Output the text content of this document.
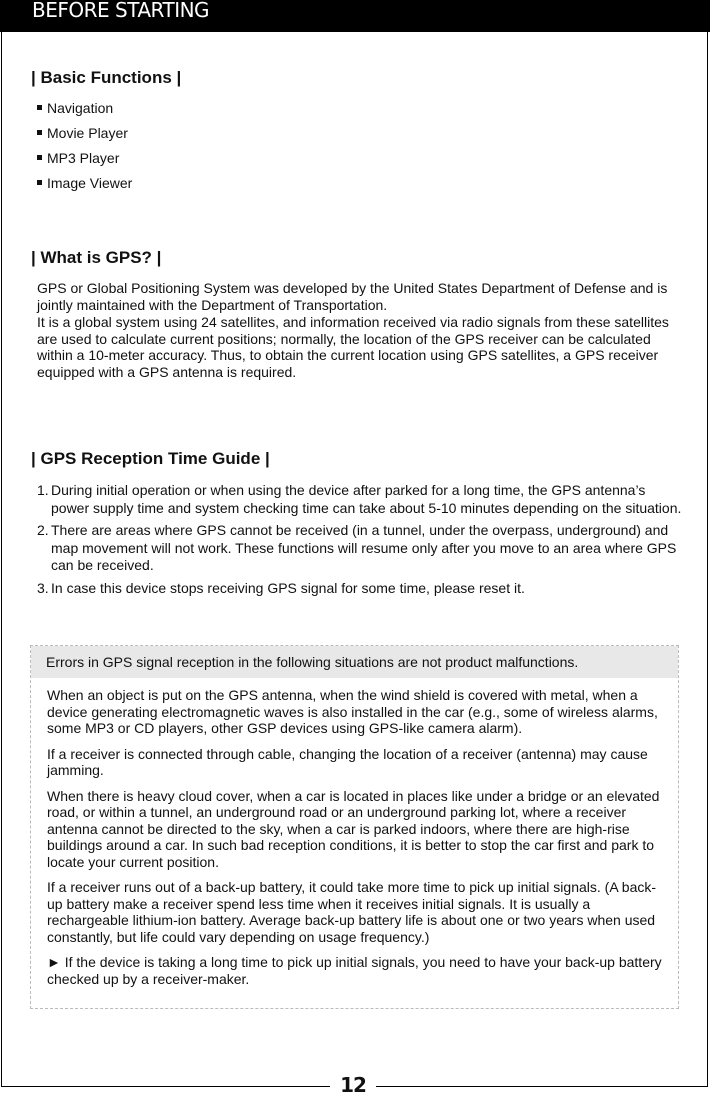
BEFORE STARTING
| Basic Functions |
Navigation
Movie Player
MP3 Player
Image Viewer
| What is GPS? |
GPS or Global Positioning System was developed by the United States Department of Defense and is jointly maintained with the Department of Transportation.
It is a global system using 24 satellites, and information received via radio signals from these satellites are used to calculate current positions; normally, the location of the GPS receiver can be calculated within a 10-meter accuracy. Thus, to obtain the current location using GPS satellites, a GPS receiver equipped with a GPS antenna is required.
| GPS Reception Time Guide |
1. During initial operation or when using the device after parked for a long time, the GPS antenna’s power supply time and system checking time can take about 5-10 minutes depending on the situation.
2. There are areas where GPS cannot be received (in a tunnel, under the overpass, underground) and map movement will not work. These functions will resume only after you move to an area where GPS can be received.
3. In case this device stops receiving GPS signal for some time, please reset it.
Errors in GPS signal reception in the following situations are not product malfunctions.

When an object is put on the GPS antenna, when the wind shield is covered with metal, when a device generating electromagnetic waves is also installed in the car (e.g., some of wireless alarms, some MP3 or CD players, other GSP devices using GPS-like camera alarm).

If a receiver is connected through cable, changing the location of a receiver (antenna) may cause jamming.

When there is heavy cloud cover, when a car is located in places like under a bridge or an elevated road, or within a tunnel, an underground road or an underground parking lot, where a receiver antenna cannot be directed to the sky, when a car is parked indoors, where there are high-rise buildings around a car. In such bad reception conditions, it is better to stop the car first and park to locate your current position.

If a receiver runs out of a back-up battery, it could take more time to pick up initial signals. (A back-up battery make a receiver spend less time when it receives initial signals. It is usually a rechargeable lithium-ion battery. Average back-up battery life is about one or two years when used constantly, but life could vary depending on usage frequency.)

► If the device is taking a long time to pick up initial signals, you need to have your back-up battery checked up by a receiver-maker.

12
